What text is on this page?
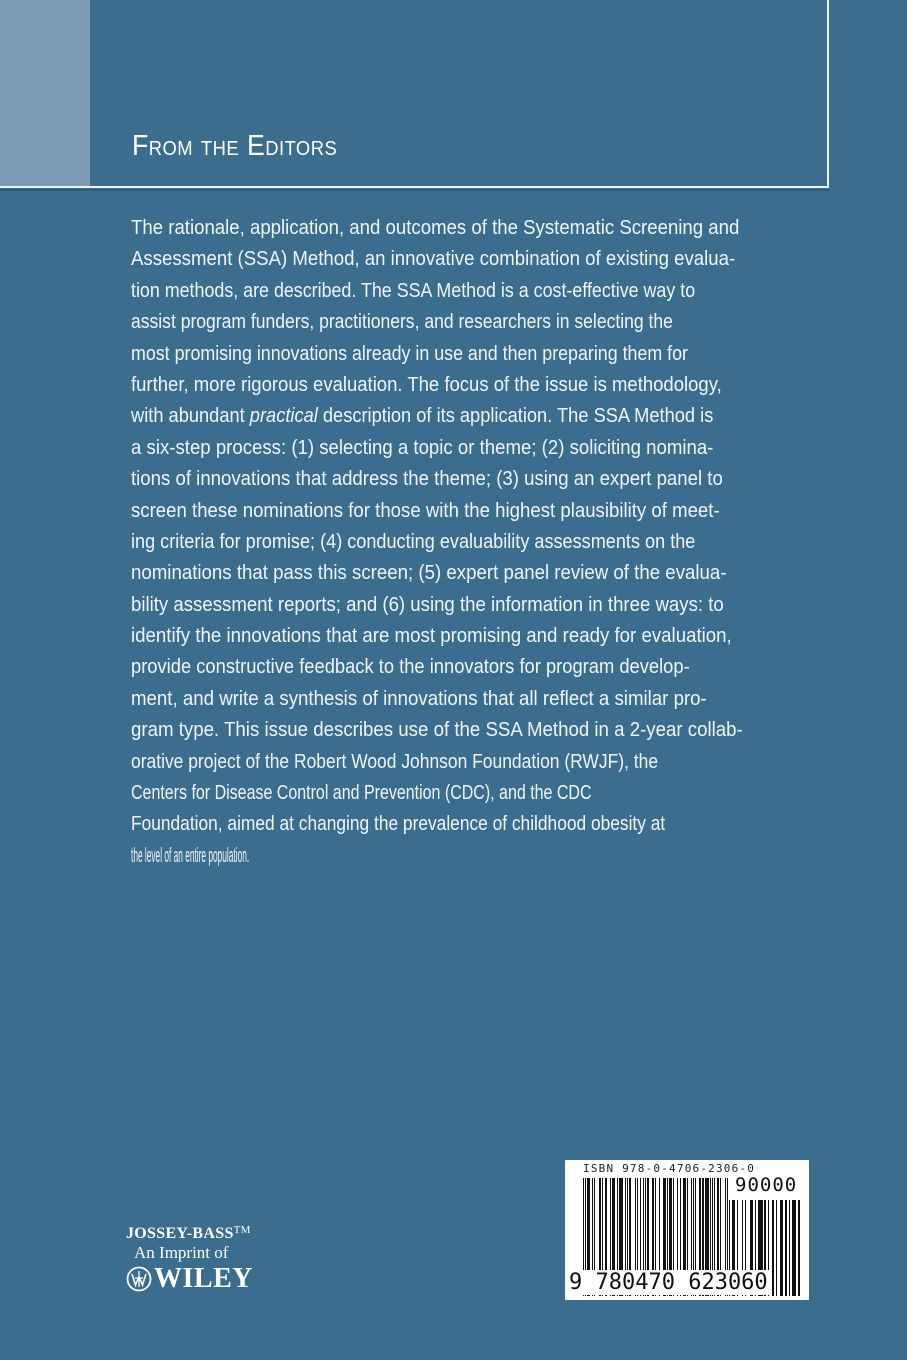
From the Editors
The rationale, application, and outcomes of the Systematic Screening and
Assessment (SSA) Method, an innovative combination of existing evalua-
tion methods, are described. The SSA Method is a cost-effective way to
assist program funders, practitioners, and researchers in selecting the
most promising innovations already in use and then preparing them for
further, more rigorous evaluation. The focus of the issue is methodology,
with abundant practical description of its application. The SSA Method is
a six-step process: (1) selecting a topic or theme; (2) soliciting nomina-
tions of innovations that address the theme; (3) using an expert panel to
screen these nominations for those with the highest plausibility of meet-
ing criteria for promise; (4) conducting evaluability assessments on the
nominations that pass this screen; (5) expert panel review of the evalua-
bility assessment reports; and (6) using the information in three ways: to
identify the innovations that are most promising and ready for evaluation,
provide constructive feedback to the innovators for program develop-
ment, and write a synthesis of innovations that all reflect a similar pro-
gram type. This issue describes use of the SSA Method in a 2-year collab-
orative project of the Robert Wood Johnson Foundation (RWJF), the
Centers for Disease Control and Prevention (CDC), and the CDC
Foundation, aimed at changing the prevalence of childhood obesity at
the level of an entire population.
JOSSEY-BASS™
An Imprint of
WILEY
ISBN 978-0-4706-2306-0
90000
9 780470 623060
